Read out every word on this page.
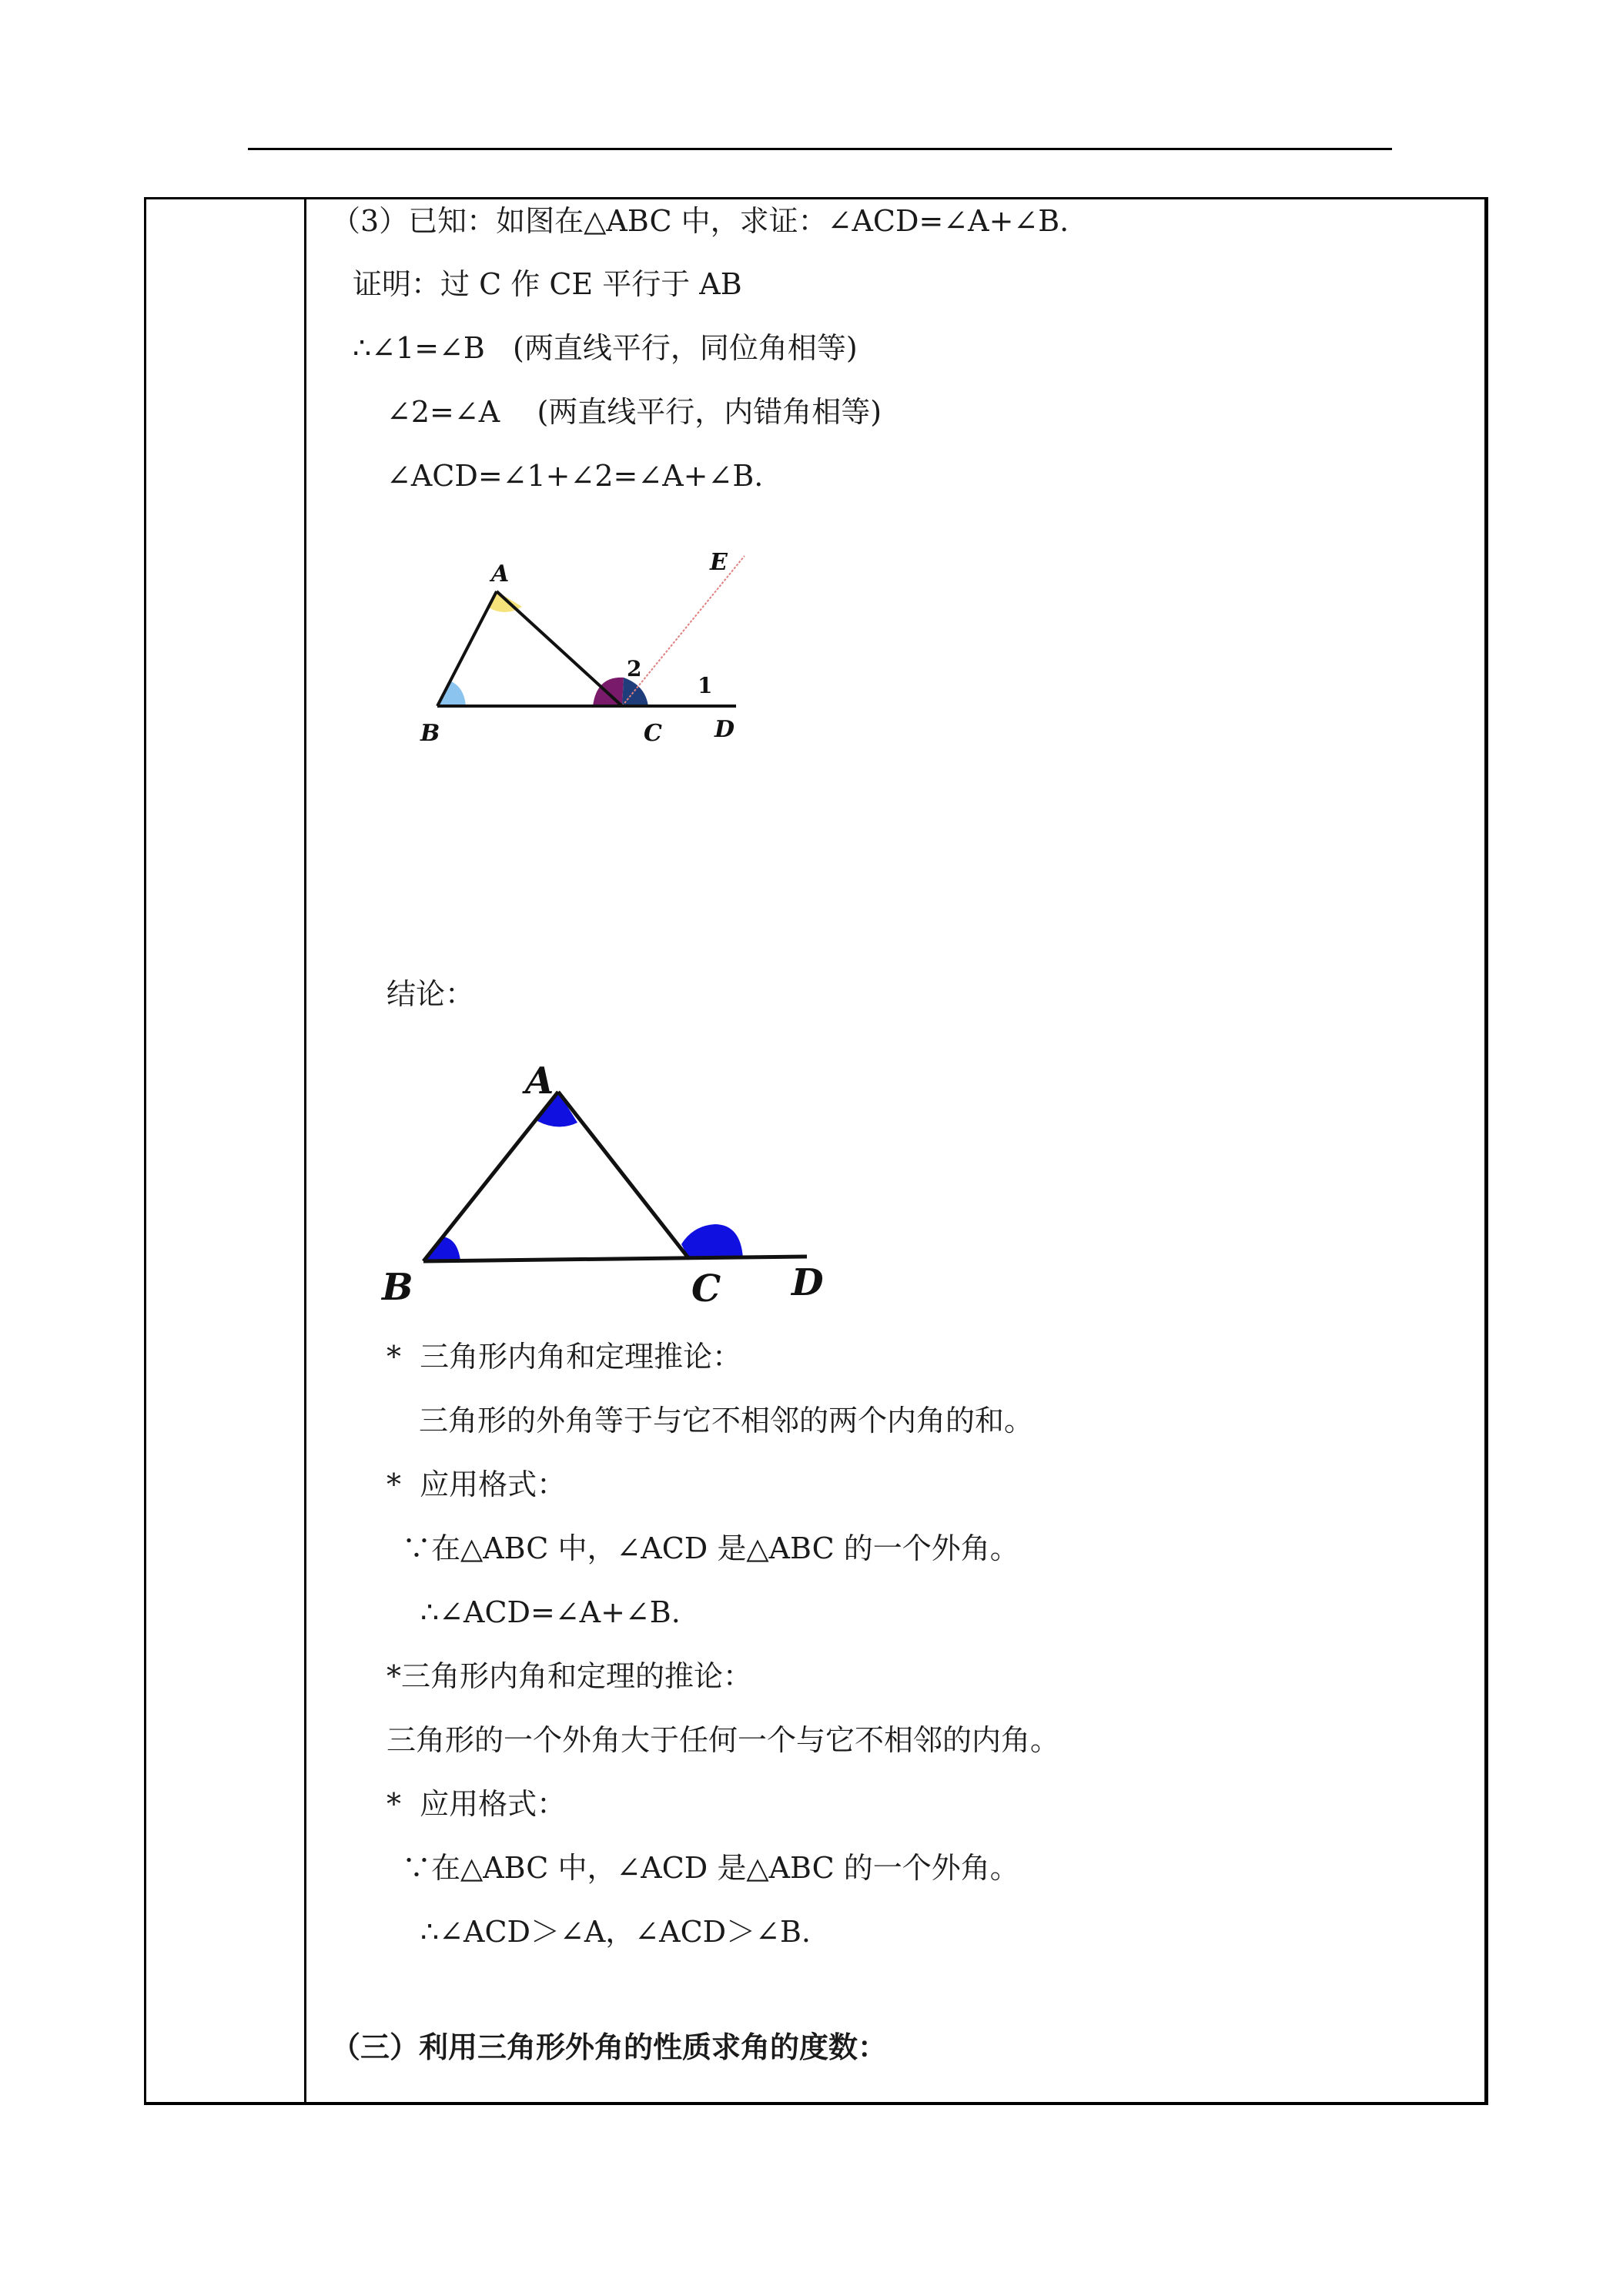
（3）已知：如图在△ABC 中，求证：∠ACD=∠A+∠B.
证明：过 C 作 CE 平行于 AB
∴∠1=∠B   (两直线平行，同位角相等)
∠2=∠A    (两直线平行，内错角相等)
∠ACD=∠1+∠2=∠A+∠B.
A
B	C D
E
1
2
结论：
A
B	C D
*  三角形内角和定理推论：
三角形的外角等于与它不相邻的两个内角的和。
*  应用格式：
∵在△ABC 中，∠ACD 是△ABC 的一个外角。
∴∠ACD=∠A+∠B.
*三角形内角和定理的推论：
三角形的一个外角大于任何一个与它不相邻的内角。
*  应用格式：
∵在△ABC 中，∠ACD 是△ABC 的一个外角。
∴∠ACD＞∠A，∠ACD＞∠B.
（三）利用三角形外角的性质求角的度数：
